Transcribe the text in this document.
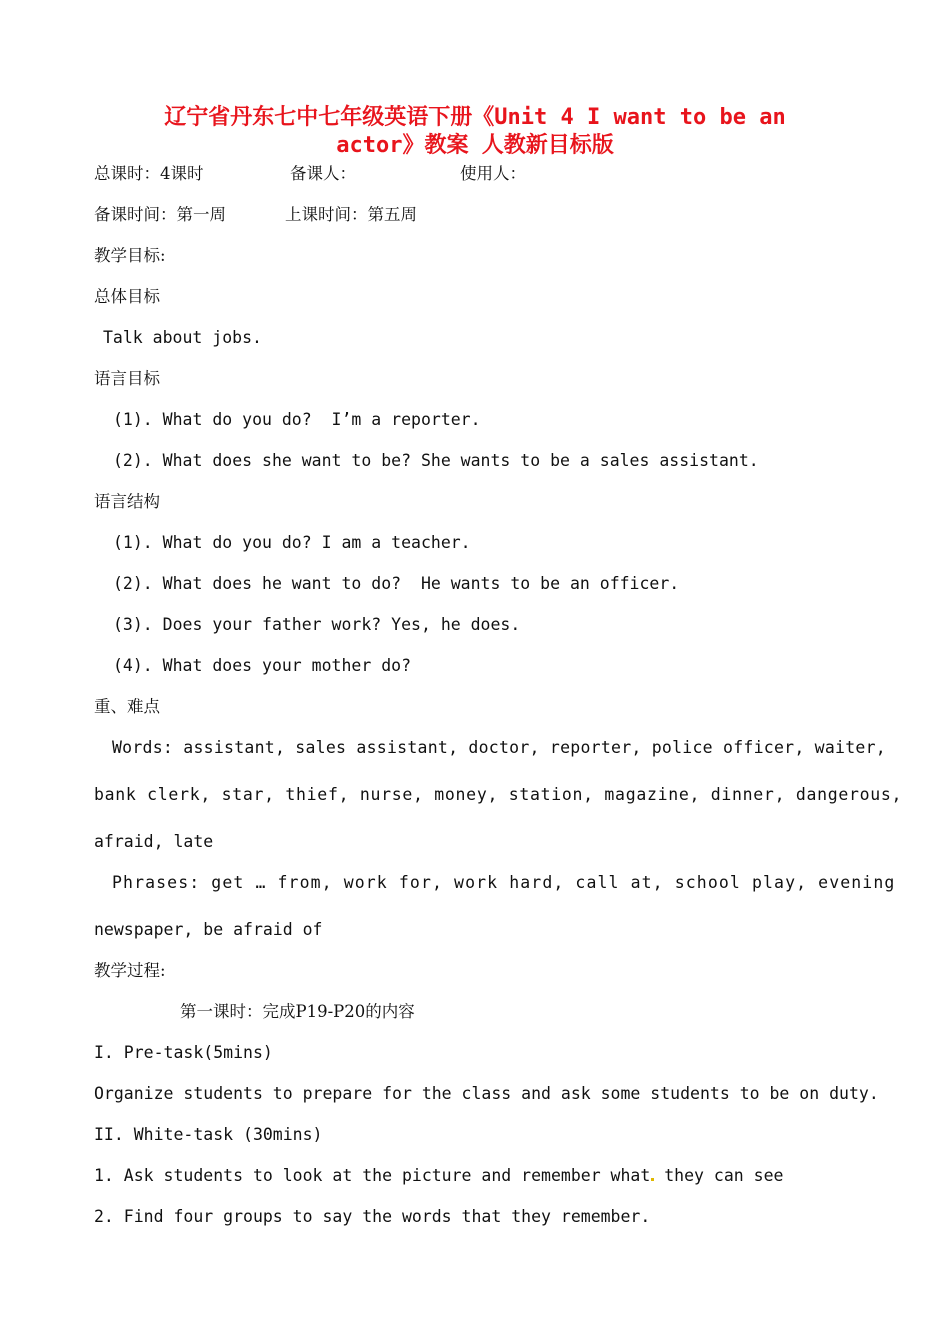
辽宁省丹东七中七年级英语下册《Unit 4 I want to be an
actor》教案 人教新目标版
总课时：4课时	备课人：	使用人：
备课时间：第一周	上课时间：第五周
教学目标:
总体目标
Talk about jobs.
语言目标
(1). What do you do?  I’m a reporter.
(2). What does she want to be? She wants to be a sales assistant.
语言结构
(1). What do you do? I am a teacher.
(2). What does he want to do?  He wants to be an officer.
(3). Does your father work? Yes, he does.
(4). What does your mother do?
重、难点
Words: assistant, sales assistant, doctor, reporter, police officer, waiter,
bank clerk, star, thief, nurse, money, station, magazine, dinner, dangerous,
afraid, late
Phrases: get … from, work for, work hard, call at, school play, evening
newspaper, be afraid of
教学过程:
第一课时：完成P19-P20的内容
I. Pre-task(5mins)
Organize students to prepare for the class and ask some students to be on duty.
II. White-task (30mins)
1. Ask students to look at the picture and remember what they can see
2. Find four groups to say the words that they remember.
